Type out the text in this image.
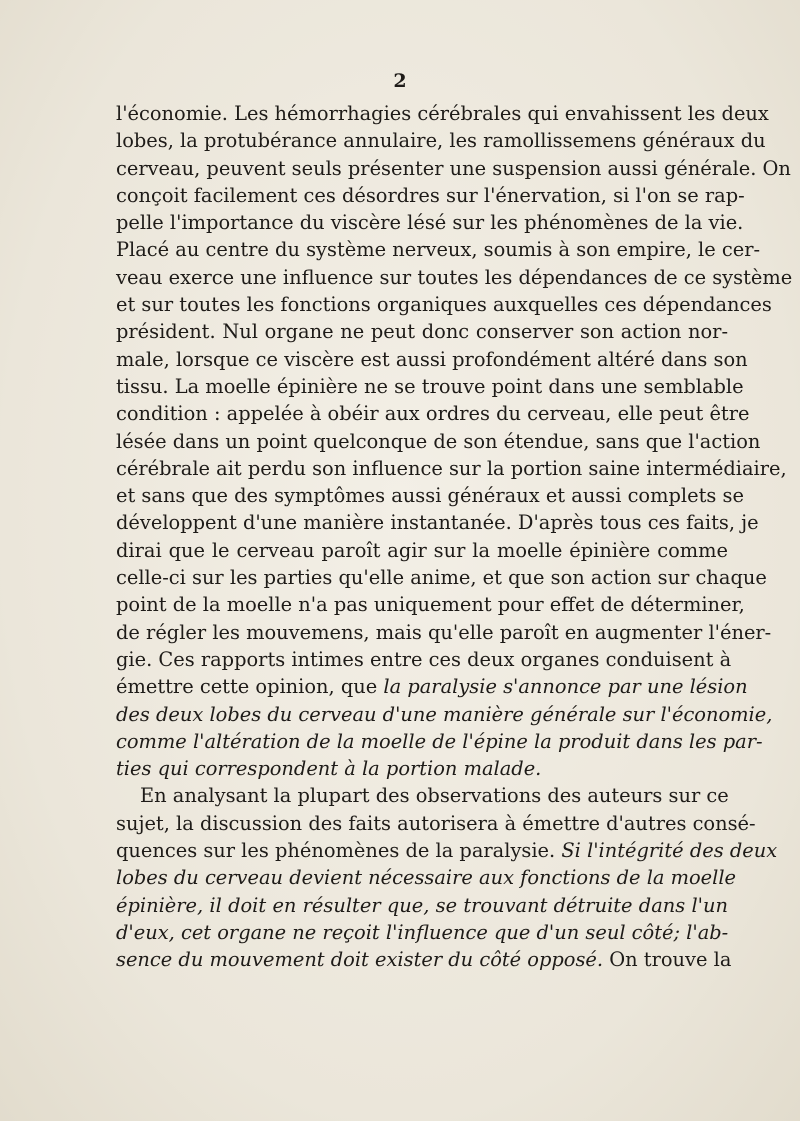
2
l'économie. Les hémorrhagies cérébrales qui envahissent les deux
lobes, la protubérance annulaire, les ramollissemens généraux du
cerveau, peuvent seuls présenter une suspension aussi générale. On
conçoit facilement ces désordres sur l'énervation, si l'on se rap-
pelle l'importance du viscère lésé sur les phénomènes de la vie.
Placé au centre du système nerveux, soumis à son empire, le cer-
veau exerce une influence sur toutes les dépendances de ce système
et sur toutes les fonctions organiques auxquelles ces dépendances
président. Nul organe ne peut donc conserver son action nor-
male, lorsque ce viscère est aussi profondément altéré dans son
tissu. La moelle épinière ne se trouve point dans une semblable
condition : appelée à obéir aux ordres du cerveau, elle peut être
lésée dans un point quelconque de son étendue, sans que l'action
cérébrale ait perdu son influence sur la portion saine intermédiaire,
et sans que des symptômes aussi généraux et aussi complets se
développent d'une manière instantanée. D'après tous ces faits, je
dirai que le cerveau paroît agir sur la moelle épinière comme
celle-ci sur les parties qu'elle anime, et que son action sur chaque
point de la moelle n'a pas uniquement pour effet de déterminer,
de régler les mouvemens, mais qu'elle paroît en augmenter l'éner-
gie. Ces rapports intimes entre ces deux organes conduisent à
émettre cette opinion, que la paralysie s'annonce par une lésion
des deux lobes du cerveau d'une manière générale sur l'économie,
comme l'altération de la moelle de l'épine la produit dans les par-
ties qui correspondent à la portion malade.
En analysant la plupart des observations des auteurs sur ce
sujet, la discussion des faits autorisera à émettre d'autres consé-
quences sur les phénomènes de la paralysie. Si l'intégrité des deux
lobes du cerveau devient nécessaire aux fonctions de la moelle
épinière, il doit en résulter que, se trouvant détruite dans l'un
d'eux, cet organe ne reçoit l'influence que d'un seul côté; l'ab-
sence du mouvement doit exister du côté opposé. On trouve la
